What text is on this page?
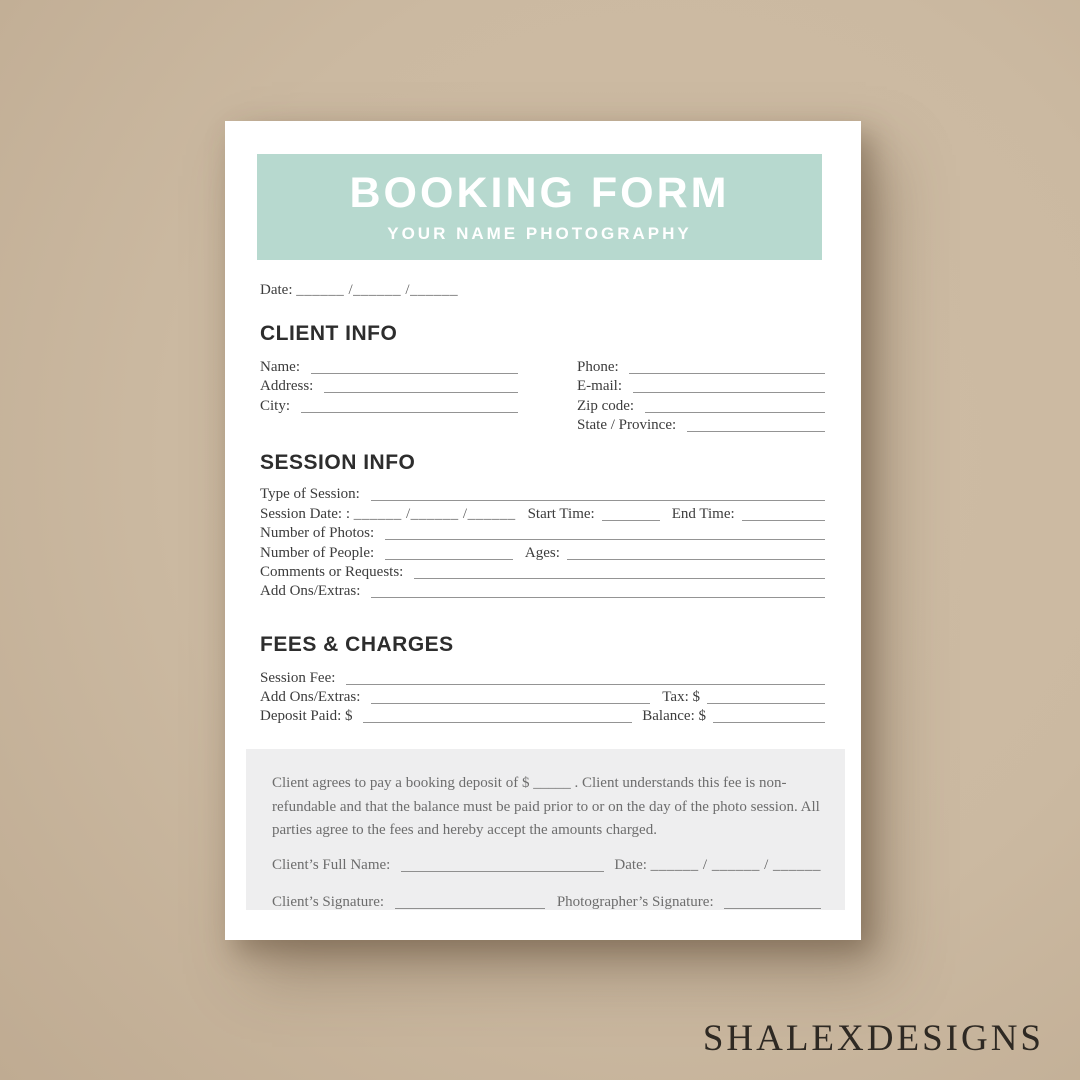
BOOKING FORM
YOUR NAME PHOTOGRAPHY
Date: ______ /______ /______
CLIENT INFO
Name:
Address:
City:
Phone:
E-mail:
Zip code:
State / Province:
SESSION INFO
Type of Session:
Session Date: : ______ /______ /______ Start Time:	End Time:
Number of Photos:
Number of People:	Ages:
Comments or Requests:
Add Ons/Extras:
FEES & CHARGES
Session Fee:
Add Ons/Extras:	Tax: $
Deposit Paid: $	Balance: $

Client agrees to pay a booking deposit of $ _____ . Client understands this fee is non-refundable and that the balance must be paid prior to or on the day of the photo session. All parties agree to the fees and hereby accept the amounts charged.

Client’s Full Name:	Date: ______ / ______ / ______
Client’s Signature:	Photographer’s Signature:
SHALEXDESIGNS
